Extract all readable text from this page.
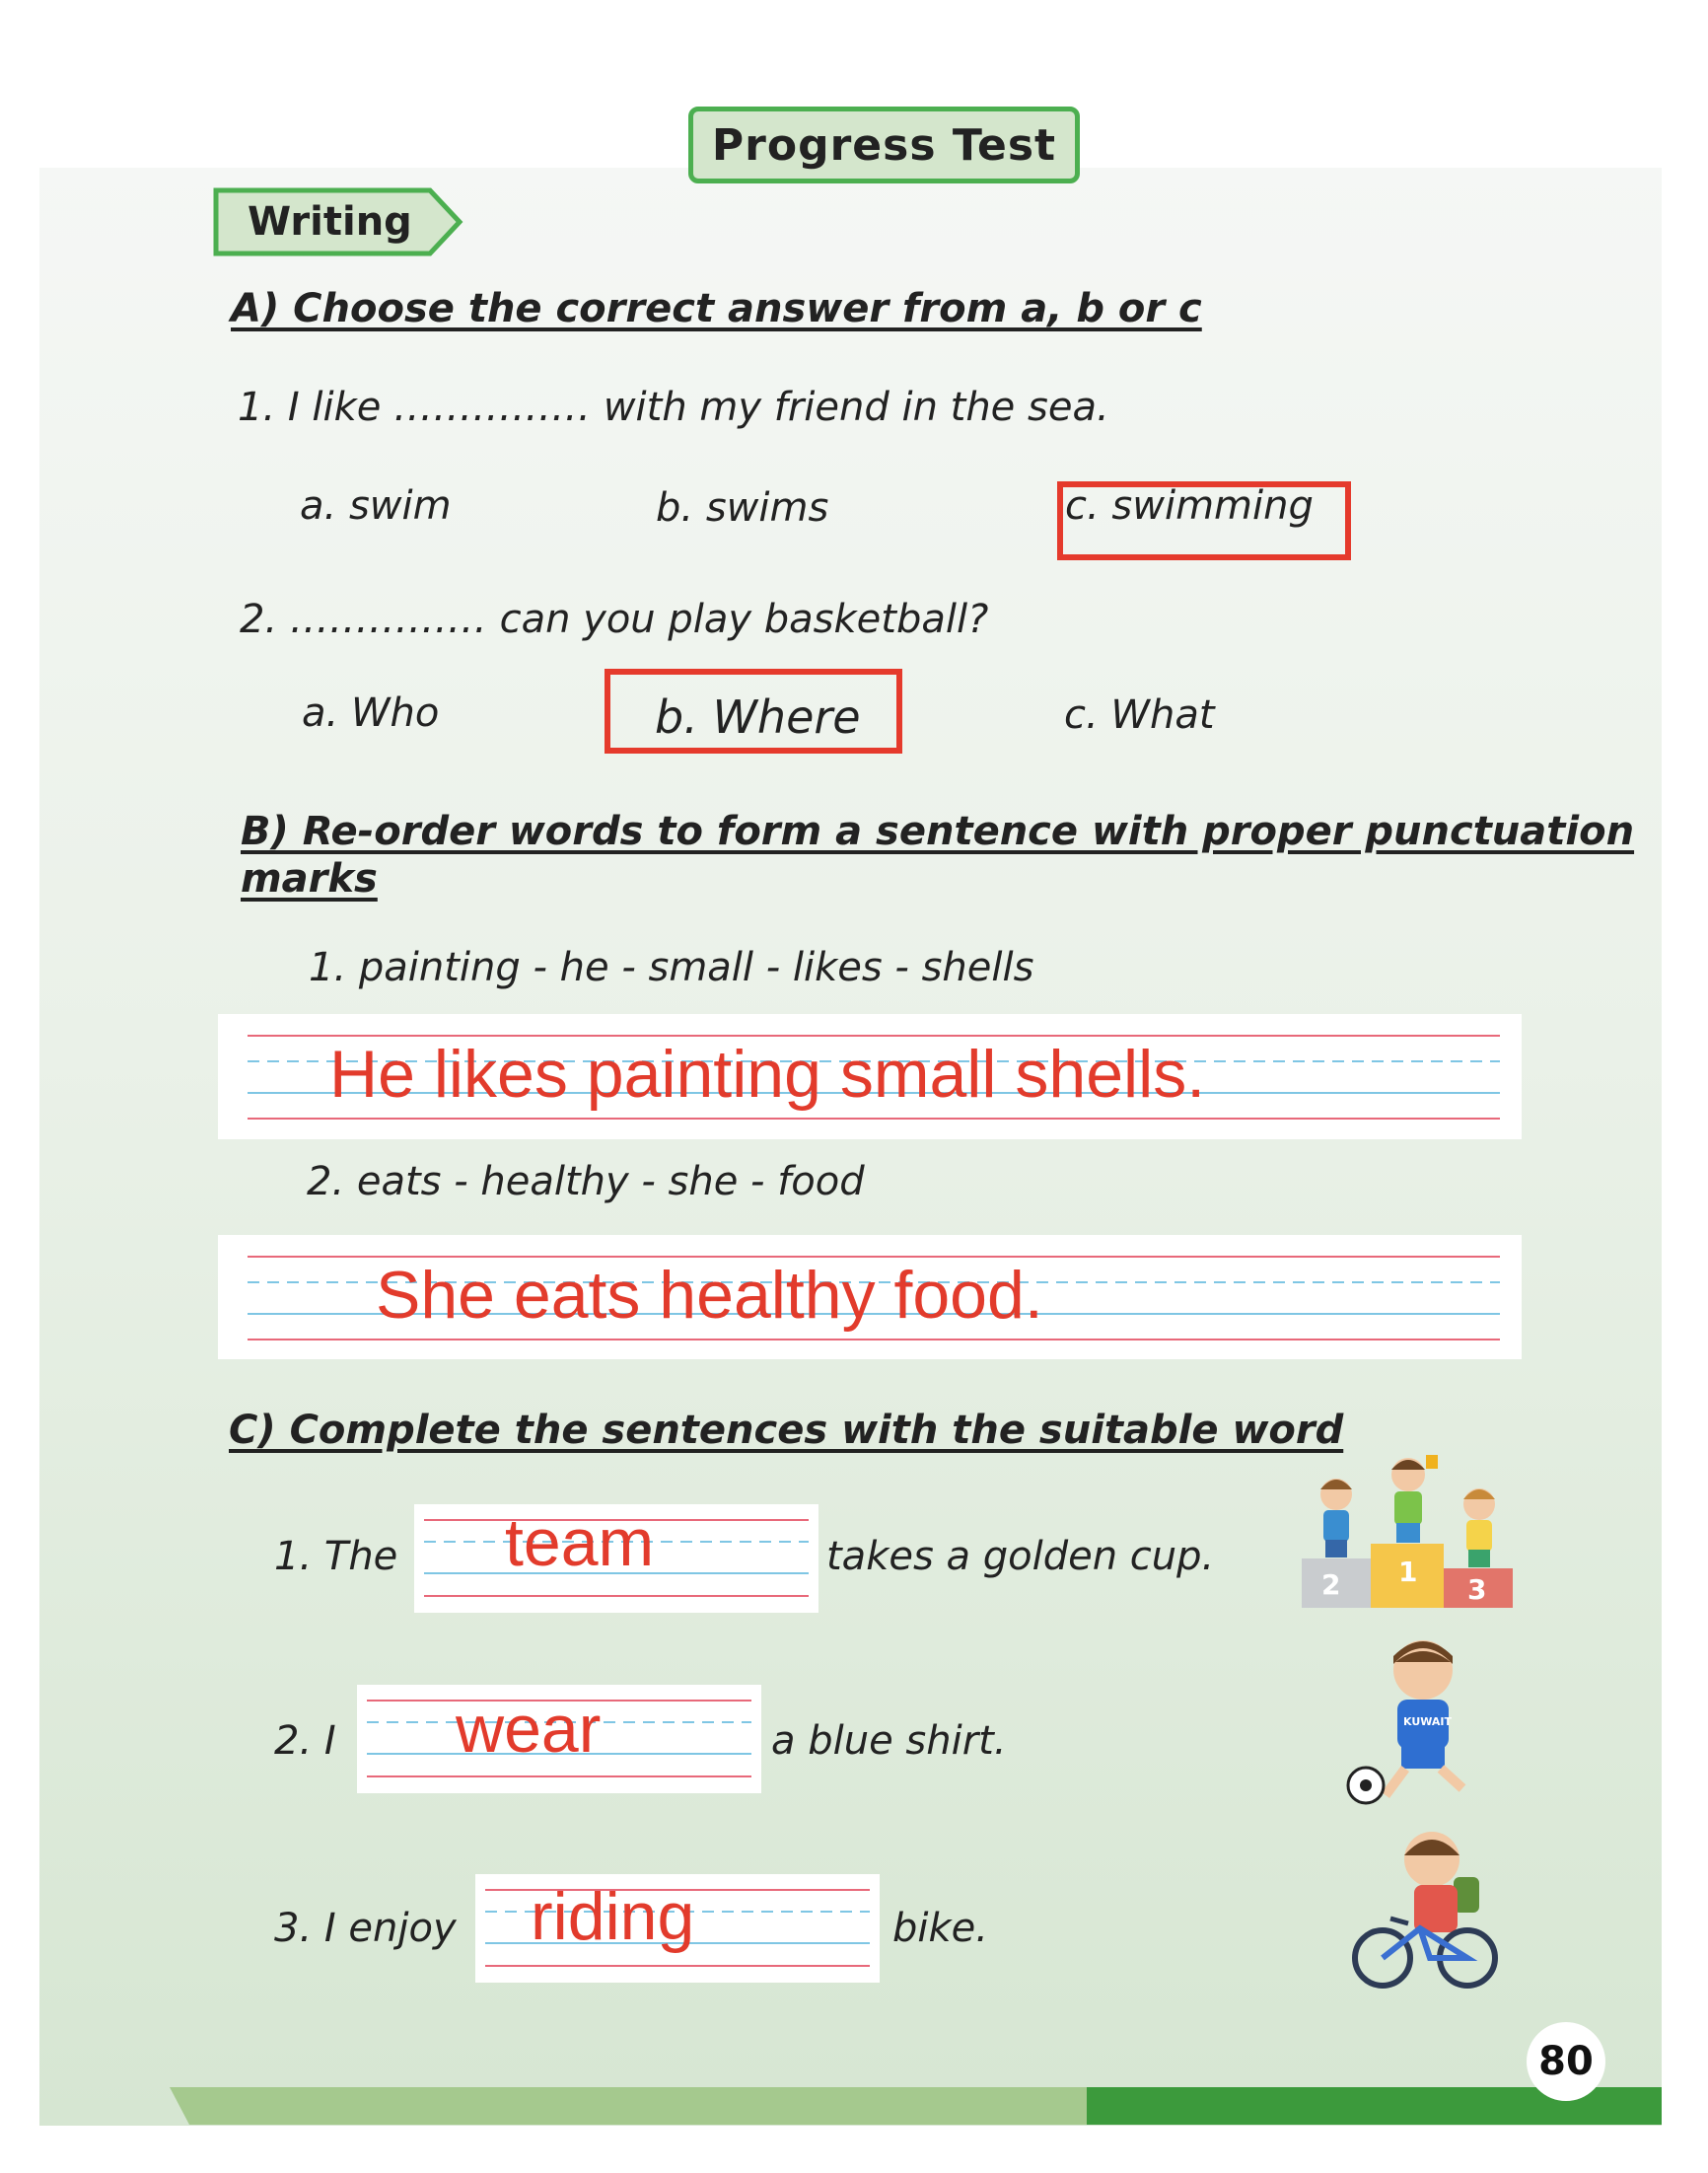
Progress Test
Writing
A) Choose the correct answer from a, b or c
1. I like …………… with my friend in the sea.
a. swim	b. swims	c. swimming
2. …………… can you play basketball?
a. Who	b. Where	c. What
B) Re-order words to form a sentence with proper punctuation
marks
1. painting - he - small - likes - shells
He likes painting small shells.
2. eats - healthy - she - food
She eats healthy food.
C) Complete the sentences with the suitable word
1. The team	takes a golden cup.
2. I wear	a blue shirt.
3. I enjoy riding	bike.
2 1
3
KUWAIT
80
